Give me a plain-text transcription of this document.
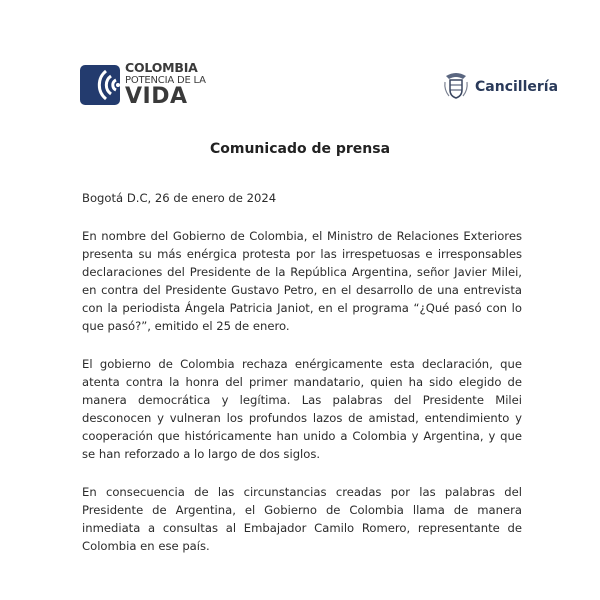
COLOMBIA
POTENCIA DE LA
VIDA	Cancillería
Comunicado de prensa

Bogotá D.C, 26 de enero de 2024

En nombre del Gobierno de Colombia, el Ministro de Relaciones Exteriores presenta su más enérgica protesta por las irrespetuosas e irresponsables declaraciones del Presidente de la República Argentina, señor Javier Milei, en contra del Presidente Gustavo Petro, en el desarrollo de una entrevista con la periodista Ángela Patricia Janiot, en el programa “¿Qué pasó con lo que pasó?”, emitido el 25 de enero.

El gobierno de Colombia rechaza enérgicamente esta declaración, que atenta contra la honra del primer mandatario, quien ha sido elegido de manera democrática y legítima. Las palabras del Presidente Milei desconocen y vulneran los profundos lazos de amistad, entendimiento y cooperación que históricamente han unido a Colombia y Argentina, y que se han reforzado a lo largo de dos siglos.

En consecuencia de las circunstancias creadas por las palabras del Presidente de Argentina, el Gobierno de Colombia llama de manera inmediata a consultas al Embajador Camilo Romero, representante de Colombia en ese país.
